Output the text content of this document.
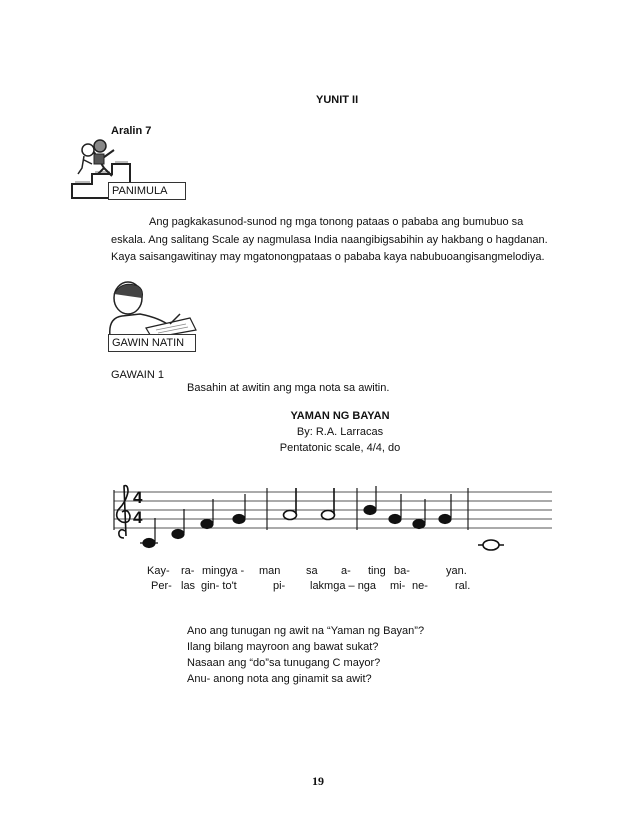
YUNIT II
Aralin 7
PANIMULA
Ang pagkakasunod-sunod ng mga tonong pataas o pababa ang bumubuo sa eskala. Ang salitang Scale ay nagmulasa India naangibigsabihin ay hakbang o hagdanan. Kaya saisangawitinay may mgatonongpataas o pababa kaya nabubuoangisangmelodiya.
GAWIN NATIN
GAWAIN 1
Basahin at awitin ang mga nota sa awitin.
YAMAN NG BAYAN
By: R.A. Larracas
Pentatonic scale, 4/4, do
4
4
Kay- ra- mingya - man sa a- ting ba-	yan.
Per- las gin- to't	pi- lakmga – nga mi- ne- ral.
Ano ang tunugan ng awit na “Yaman ng Bayan”?
Ilang bilang mayroon ang bawat sukat?
Nasaan ang “do”sa tunugang C mayor?
Anu- anong nota ang ginamit sa awit?
19
